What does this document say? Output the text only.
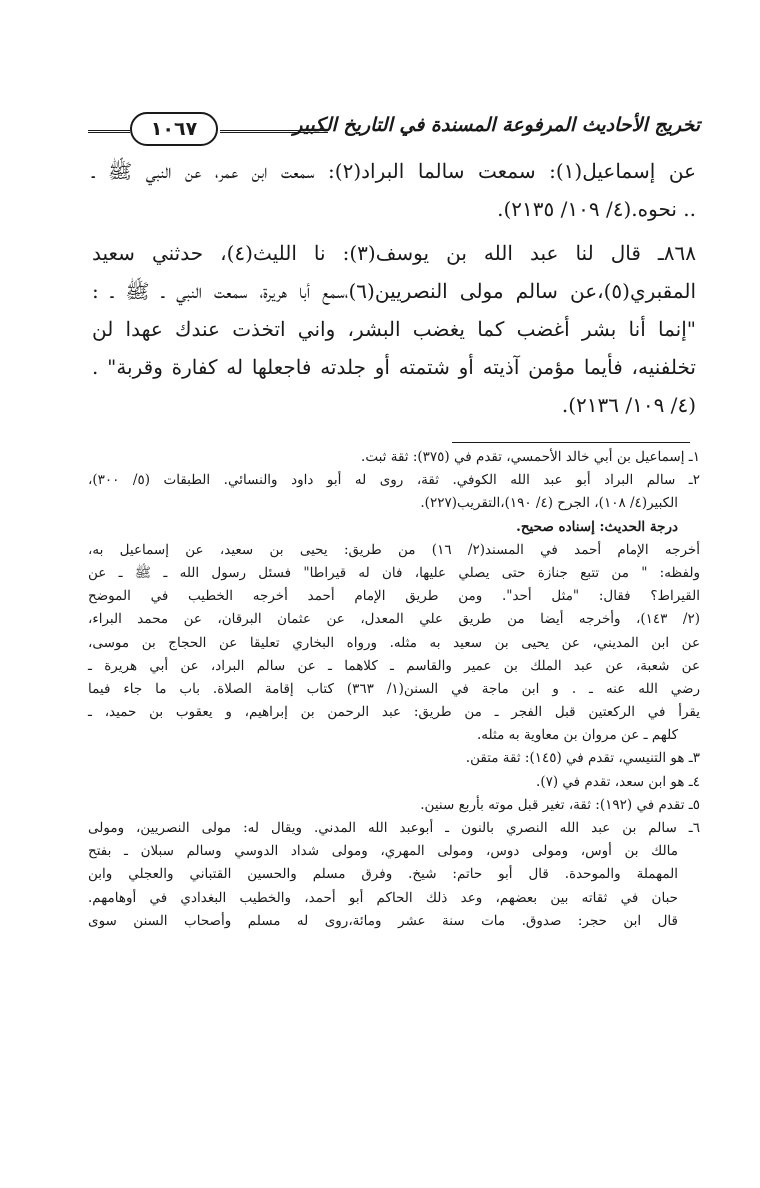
تخريج الأحاديث المرفوعة المسندة في التاريخ الكبير
١٠٦٧
عن إسماعيل(١): سمعت سالما البراد(٢): سمعت ابن عمر، عن النبي ﷺ ـ
.. نحوه.(٤/ ١٠٩/ ٢١٣٥).
٨٦٨ـ قال لنا عبد الله بن يوسف(٣): نا الليث(٤)، حدثني سعيد
المقبري(٥)،عن سالم مولى النصريين(٦)،سمع أبا هريرة، سمعت النبي ـ ﷺ ـ :
"إنما أنا بشر أغضب كما يغضب البشر، واني اتخذت عندك عهدا لن
تخلفنيه، فأيما مؤمن آذيته أو شتمته أو جلدته فاجعلها له كفارة وقربة" .
(٤/ ١٠٩/ ٢١٣٦).
١ـ إسماعيل بن أبي خالد الأحمسي، تقدم في (٣٧٥): ثقة ثبت.
٢ـ سالم البراد أبو عبد الله الكوفي. ثقة، روى له أبو داود والنسائي. الطبقات (٥/ ٣٠٠)،
الكبير(٤/ ١٠٨)، الجرح (٤/ ١٩٠)،التقريب(٢٢٧).
درجة الحديث: إسناده صحيح.
أخرجه الإمام أحمد في المسند(٢/ ١٦) من طريق: يحيى بن سعيد، عن إسماعيل به،
ولفظه: " من تتبع جنازة حتى يصلي عليها، فان له قيراطا" فسئل رسول الله ـ ﷺ ـ عن
القيراط؟ فقال: "مثل أحد". ومن طريق الإمام أحمد أخرجه الخطيب في الموضح
(٢/ ١٤٣)، وأخرجه أيضا من طريق علي المعدل، عن عثمان البرقان، عن محمد البراء،
عن ابن المديني، عن يحيى بن سعيد به مثله. ورواه البخاري تعليقا عن الحجاج بن موسى،
عن شعبة، عن عبد الملك بن عمير والقاسم ـ كلاهما ـ عن سالم البراد، عن أبي هريرة ـ
رضي الله عنه ـ . و ابن ماجة في السنن(١/ ٣٦٣) كتاب إقامة الصلاة. باب ما جاء فيما
يقرأ في الركعتين قبل الفجر ـ من طريق: عبد الرحمن بن إبراهيم، و يعقوب بن حميد، ـ
كلهم ـ عن مروان بن معاوية به مثله.
٣ـ هو التنيسي، تقدم في (١٤٥): ثقة متقن.
٤ـ هو ابن سعد، تقدم في (٧).
٥ـ تقدم في (١٩٢): ثقة، تغير قبل موته بأربع سنين.
٦ـ سالم بن عبد الله النصري بالنون ـ أبوعبد الله المدني. ويقال له: مولى النصريين، ومولى
مالك بن أوس، ومولى دوس، ومولى المهري، ومولى شداد الدوسي وسالم سبلان ـ بفتح
المهملة والموحدة. قال أبو حاتم: شيخ. وفرق مسلم والحسين القتباني والعجلي وابن
حبان في ثقاته بين بعضهم، وعد ذلك الحاكم أبو أحمد، والخطيب البغدادي في أوهامهم.
قال ابن حجر: صدوق. مات سنة عشر ومائة،روى له مسلم وأصحاب السنن سوى
